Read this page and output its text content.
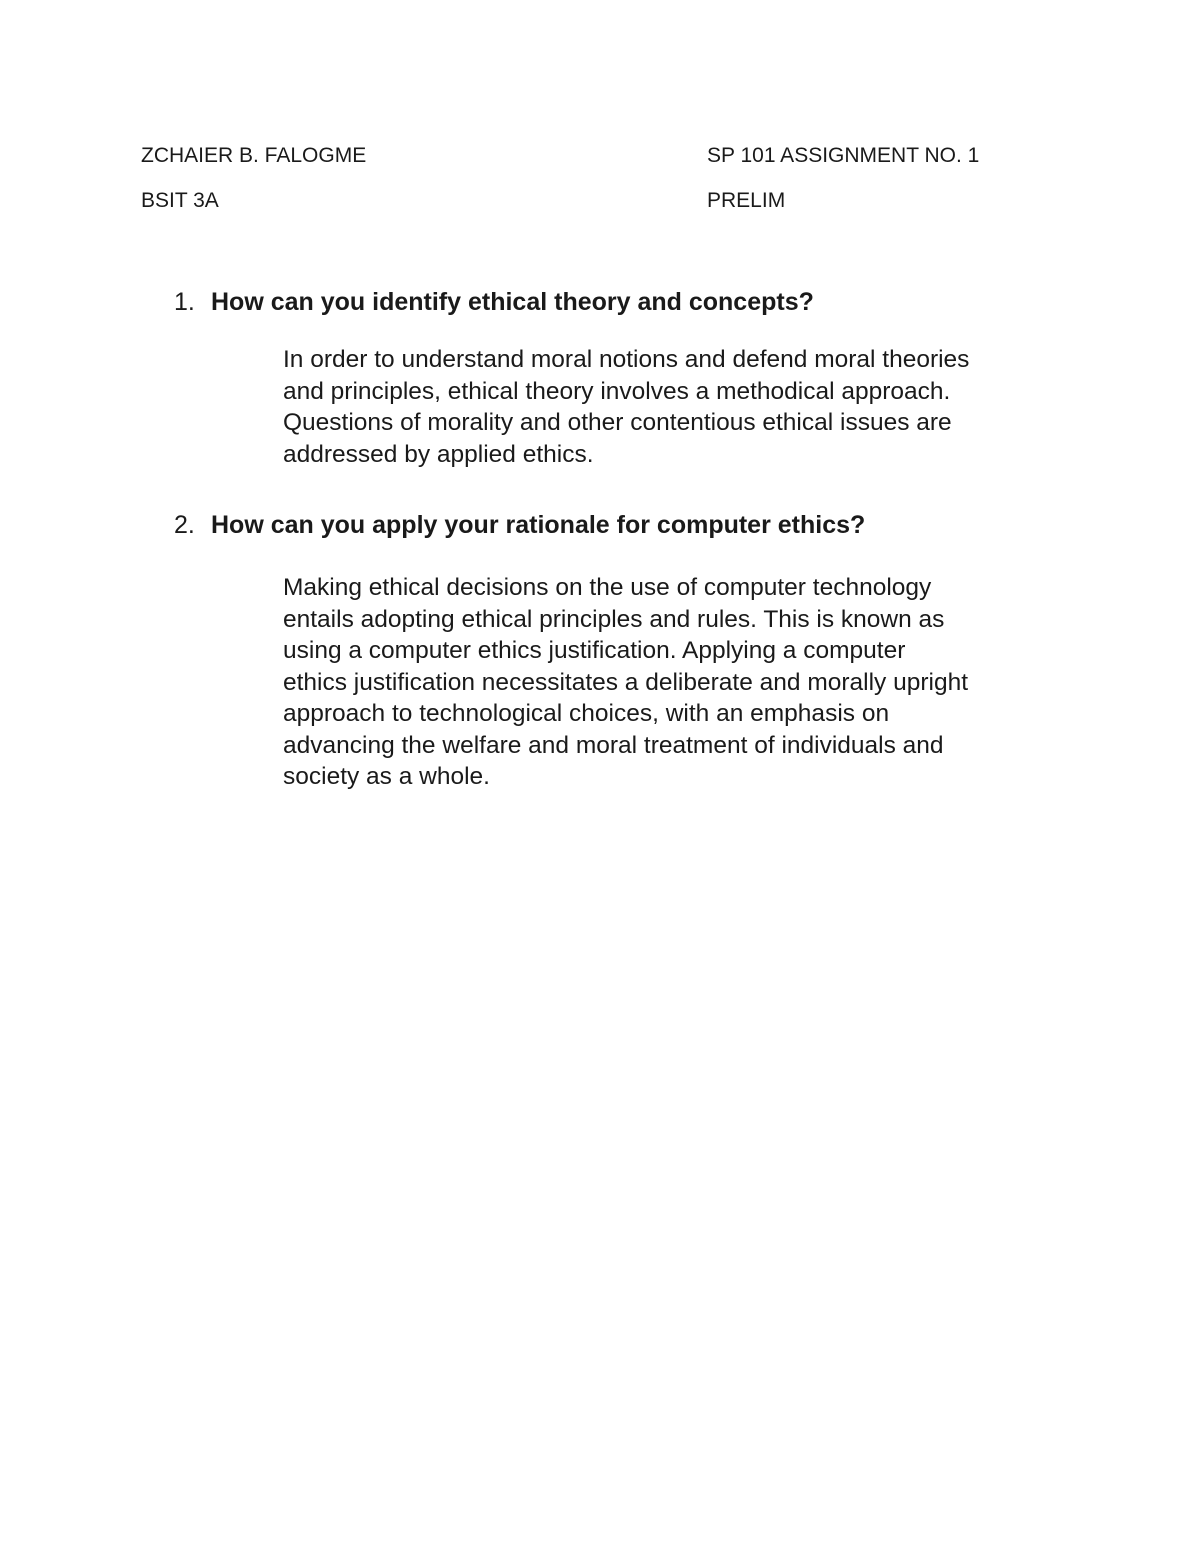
ZCHAIER B. FALOGME	SP 101 ASSIGNMENT NO. 1
BSIT 3A	PRELIM
1. How can you identify ethical theory and concepts?
In order to understand moral notions and defend moral theories
and principles, ethical theory involves a methodical approach.
Questions of morality and other contentious ethical issues are
addressed by applied ethics.
2. How can you apply your rationale for computer ethics?
Making ethical decisions on the use of computer technology
entails adopting ethical principles and rules. This is known as
using a computer ethics justification. Applying a computer
ethics justification necessitates a deliberate and morally upright
approach to technological choices, with an emphasis on
advancing the welfare and moral treatment of individuals and
society as a whole.
